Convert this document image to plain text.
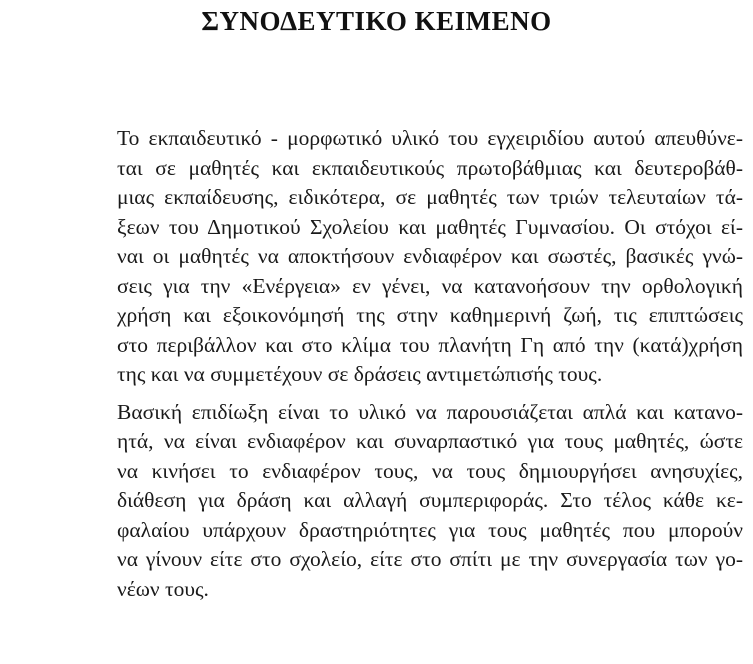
ΣΥΝΟΔΕΥΤΙΚΟ ΚΕΙΜΕΝΟ

Το εκπαιδευτικό - μορφωτικό υλικό του εγχειριδίου αυτού απευθύνε-
ται σε μαθητές και εκπαιδευτικούς πρωτοβάθμιας και δευτεροβάθ-
μιας εκπαίδευσης, ειδικότερα, σε μαθητές των τριών τελευταίων τά-
ξεων του Δημοτικού Σχολείου και μαθητές Γυμνασίου. Οι στόχοι εί-
ναι οι μαθητές να αποκτήσουν ενδιαφέρον και σωστές, βασικές γνώ-
σεις για την «Ενέργεια» εν γένει, να κατανοήσουν την ορθολογική
χρήση και εξοικονόμησή της στην καθημερινή ζωή, τις επιπτώσεις
στο περιβάλλον και στο κλίμα του πλανήτη Γη από την (κατά)χρήση
της και να συμμετέχουν σε δράσεις αντιμετώπισής τους.

Βασική επιδίωξη είναι το υλικό να παρουσιάζεται απλά και κατανο-
ητά, να είναι ενδιαφέρον και συναρπαστικό για τους μαθητές, ώστε
να κινήσει το ενδιαφέρον τους, να τους δημιουργήσει ανησυχίες,
διάθεση για δράση και αλλαγή συμπεριφοράς. Στο τέλος κάθε κε-
φαλαίου υπάρχουν δραστηριότητες για τους μαθητές που μπορούν
να γίνουν είτε στο σχολείο, είτε στο σπίτι με την συνεργασία των γο-
νέων τους.
